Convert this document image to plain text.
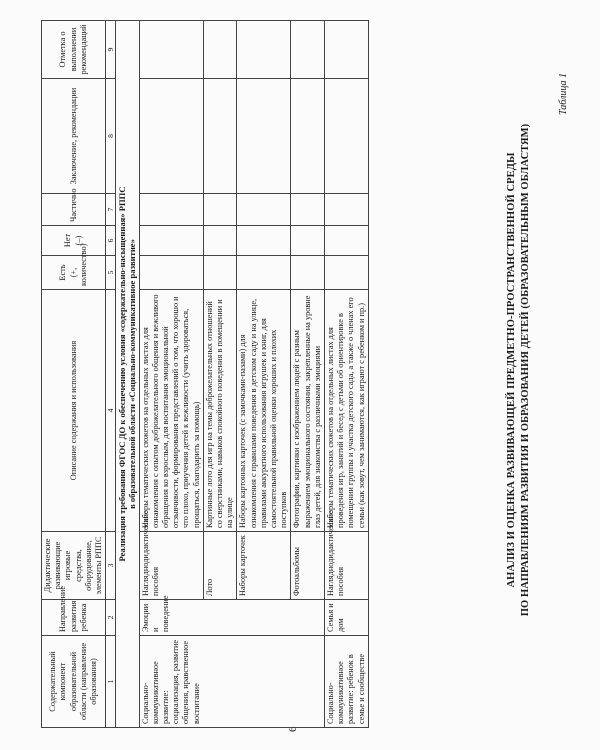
6
Таблица 1
АНАЛИЗ И ОЦЕНКА РАЗВИВАЮЩЕЙ ПРЕДМЕТНО-ПРОСТРАНСТВЕННОЙ СРЕДЫ ПО НАПРАВЛЕНИЯМ РАЗВИТИЯ И ОБРАЗОВАНИЯ ДЕТЕЙ (ОБРАЗОВАТЕЛЬНЫМ ОБЛАСТЯМ)
Содержательный компонент образовательной области (направление образования)	Направление развития ребенка	Дидактические развивающие игровые средства, оборудование, элементы РППС	Описание содержания и использования	Есть (+, количество)	Нет (–)	Частично	Заключение, рекомендации	Отметка о выполнении рекомендаций
1	2	3	4	5	6	7	8	9

Реализация требования ФГОС ДО к обеспечению условия «содержательно-насыщенная» РППС в образовательной области «Социально-коммуникативное развитие»								

Социально-коммуникативное развитие: социализация, развитие общения, нравственное воспитание	Эмоции и поведение	Нагляднодидактические пособия	Наборы тематических сюжетов на отдельных листах для ознакомления с опытом доброжелательного общения и вежливого обращения ко взрослым, для воспитания эмоциональной отзывчивости, формирования представлений о том, что хорошо и что плохо, приучения детей к вежливости (учить здороваться, прощаться, благодарить за помощь)					
		Лото	Картинные лото для игр на темы доброжелательных отношений со сверстниками, навыков спокойного поведения в помещении и на улице					
		Наборы карточек	Наборы картонных карточек (с замочками-пазами) для ознакомления с правилами поведения в детском саду и на улице, правилами аккуратного использования игрушек и книг, для самостоятельной правильной оценки хороших и плохих поступков					
		Фотоальбомы	Фотографии, картинки с изображением людей с разным выражением эмоционального состояния, закрепленные на уровне глаз детей, для знакомства с различными эмоциями					
Социально-коммуникативное развитие: ребенок в семье и сообществе	Семья и дом	Нагляднодидактические пособия	Наборы тематических сюжетов на отдельных листах для проведения игр, занятий и бесед с детьми об ориентировке в помещении группы и участка детского сада, а также о членах его семьи (как зовут, чем занимаются, как играют с ребенком и пр.)					
